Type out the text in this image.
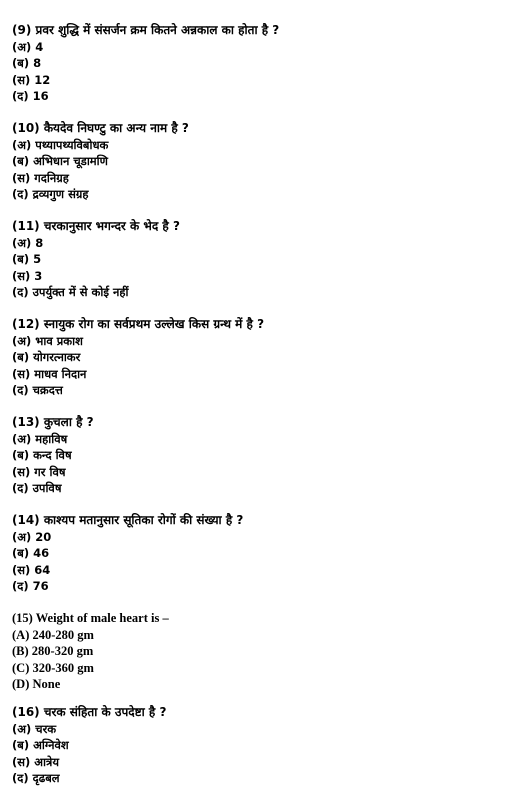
(9) प्रवर शुद्धि में संसर्जन क्रम कितने अन्नकाल का होता है ?
(अ) 4
(ब) 8
(स) 12
(द) 16
(10) कैयदेव निघण्टु का अन्य नाम है ?
(अ) पथ्यापथ्यविबोधक
(ब) अभिधान चूडामणि
(स) गदनिग्रह
(द) द्रव्यगुण संग्रह
(11) चरकानुसार भगन्दर के भेद है ?
(अ) 8
(ब) 5
(स) 3
(द) उपर्युक्त में से कोई नहीं
(12) स्नायुक रोग का सर्वप्रथम उल्लेख किस ग्रन्थ में है ?
(अ) भाव प्रकाश
(ब) योगरत्नाकर
(स) माधव निदान
(द) चक्रदत्त
(13) कुचला है ?
(अ) महाविष
(ब) कन्द विष
(स) गर विष
(द) उपविष
(14) काश्यप मतानुसार सूतिका रोगों की संख्या है ?
(अ) 20
(ब) 46
(स) 64
(द) 76
(15) Weight of male heart is –
(A) 240-280 gm
(B) 280-320 gm
(C) 320-360 gm
(D) None
(16) चरक संहिता के उपदेष्टा है ?
(अ) चरक
(ब) अग्निवेश
(स) आत्रेय
(द) दृढबल
